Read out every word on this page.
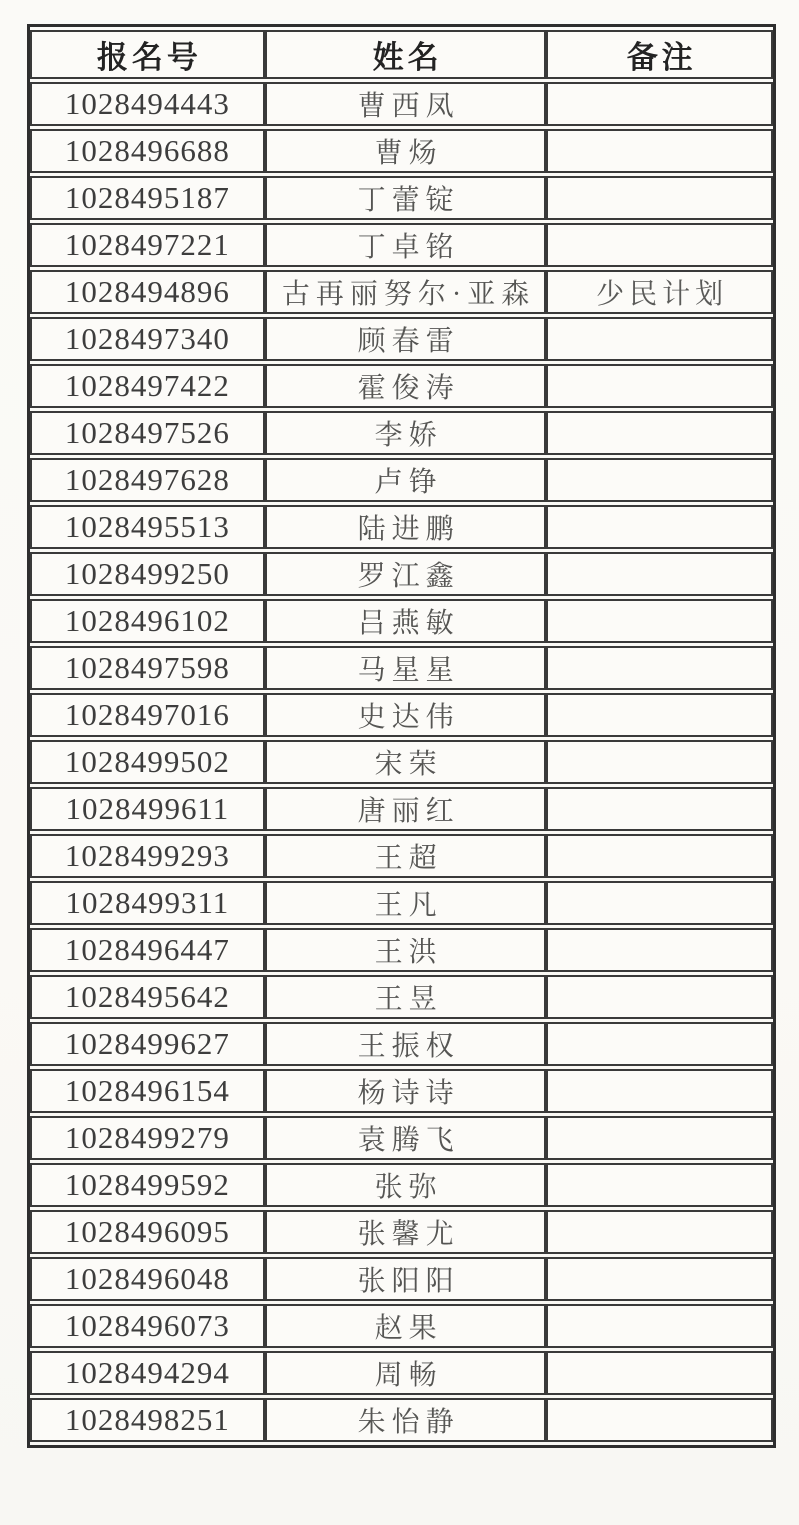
报名号	姓名	备注
1028494443	曹西凤	
1028496688	曹炀	
1028495187	丁蕾锭	
1028497221	丁卓铭	
1028494896	古再丽努尔·亚森	少民计划
1028497340	顾春雷	
1028497422	霍俊涛	
1028497526	李娇	
1028497628	卢铮	
1028495513	陆进鹏	
1028499250	罗江鑫	
1028496102	吕燕敏	
1028497598	马星星	
1028497016	史达伟	
1028499502	宋荣	
1028499611	唐丽红	
1028499293	王超	
1028499311	王凡	
1028496447	王洪	
1028495642	王昱	
1028499627	王振权	
1028496154	杨诗诗	
1028499279	袁腾飞	
1028499592	张弥	
1028496095	张馨尤	
1028496048	张阳阳	
1028496073	赵果	
1028494294	周畅	
1028498251	朱怡静	
